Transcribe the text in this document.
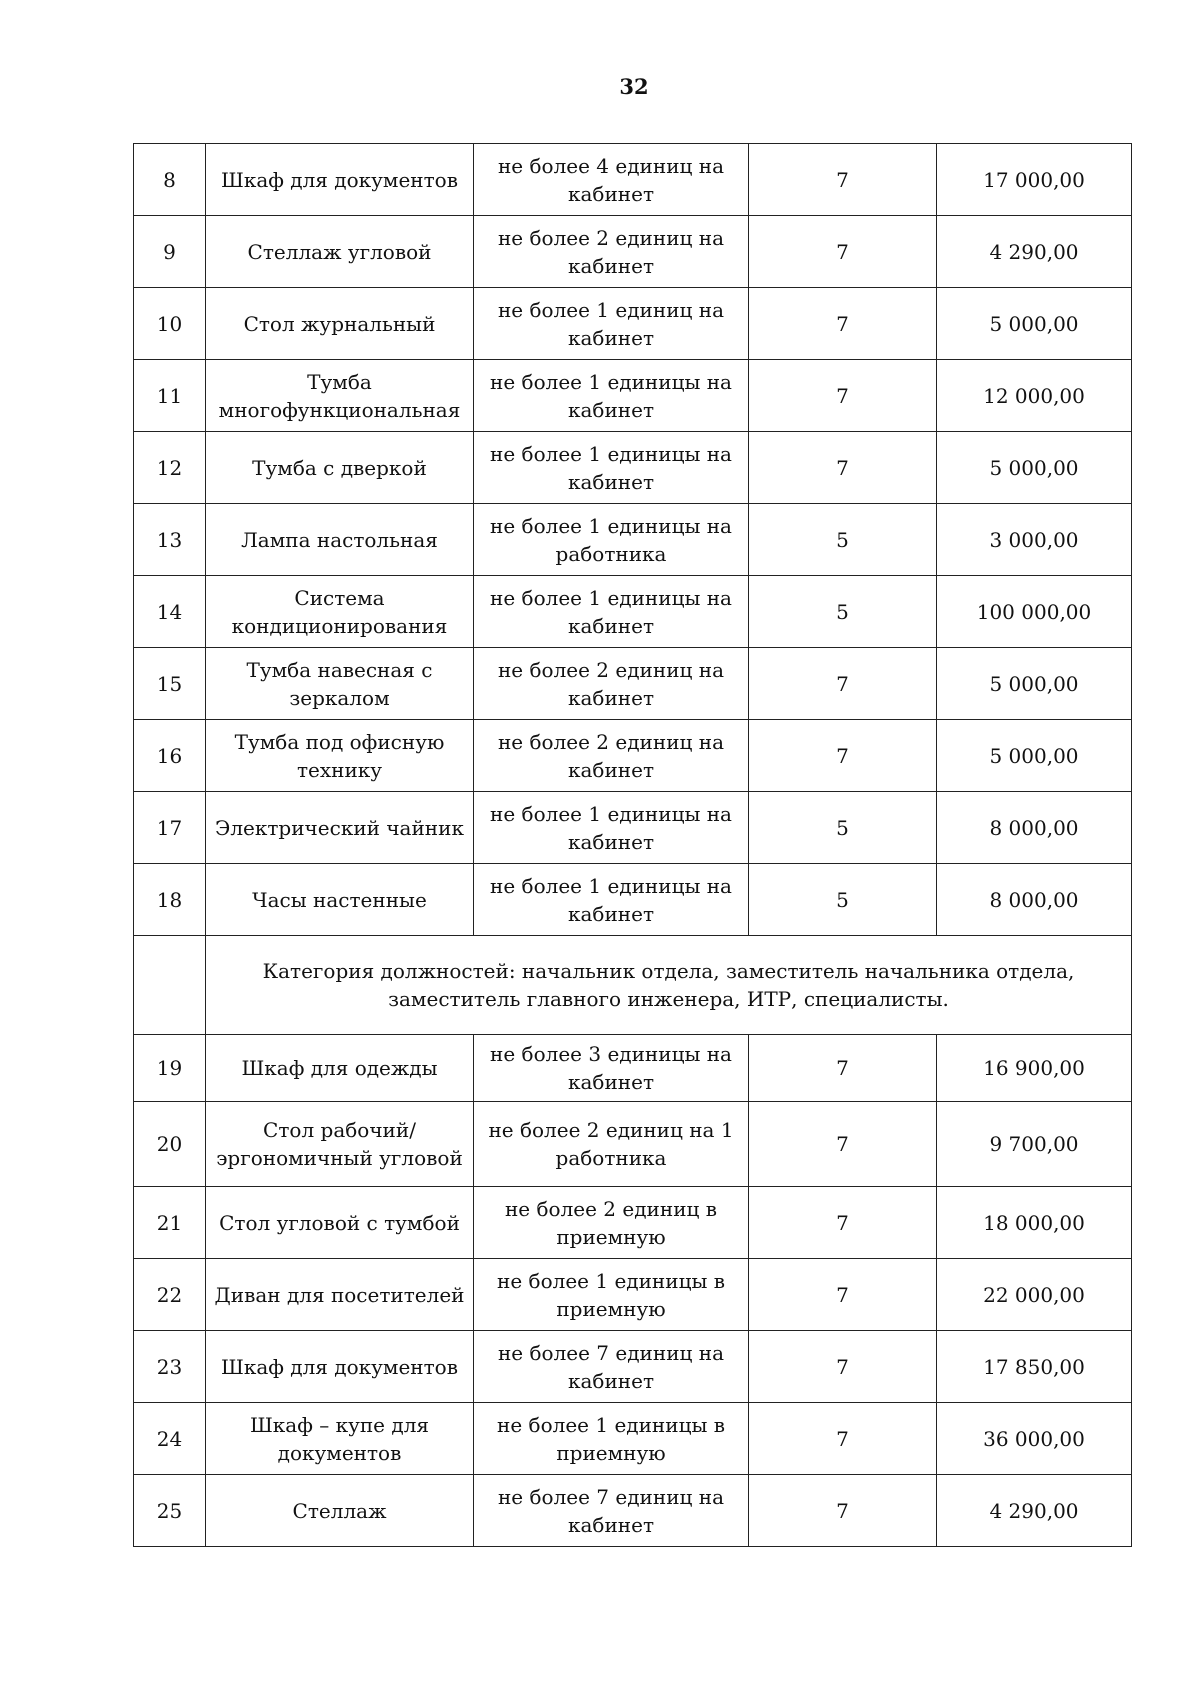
32
8	Шкаф для документов	не более 4 единиц на кабинет	7	17 000,00
9	Стеллаж угловой	не более 2 единиц на кабинет	7	4 290,00
10	Стол журнальный	не более 1 единиц на кабинет	7	5 000,00
11	Тумба многофункциональная	не более 1 единицы на кабинет	7	12 000,00
12	Тумба с дверкой	не более 1 единицы на кабинет	7	5 000,00
13	Лампа настольная	не более 1 единицы на работника	5	3 000,00
14	Система кондиционирования	не более 1 единицы на кабинет	5	100 000,00
15	Тумба навесная с зеркалом	не более 2 единиц на кабинет	7	5 000,00
16	Тумба под офисную технику	не более 2 единиц на кабинет	7	5 000,00
17	Электрический чайник	не более 1 единицы на кабинет	5	8 000,00
18	Часы настенные	не более 1 единицы на кабинет	5	8 000,00
	Категория должностей: начальник отдела, заместитель начальника отдела, заместитель главного инженера, ИТР, специалисты.			
19	Шкаф для одежды	не более 3 единицы на кабинет	7	16 900,00
20	Стол рабочий/эргономичный угловой	не более 2 единиц на 1 работника	7	9 700,00
21	Стол угловой с тумбой	не более 2 единиц в приемную	7	18 000,00
22	Диван для посетителей	не более 1 единицы в приемную	7	22 000,00
23	Шкаф для документов	не более 7 единиц на кабинет	7	17 850,00
24	Шкаф – купе для документов	не более 1 единицы в приемную	7	36 000,00
25	Стеллаж	не более 7 единиц на кабинет	7	4 290,00
